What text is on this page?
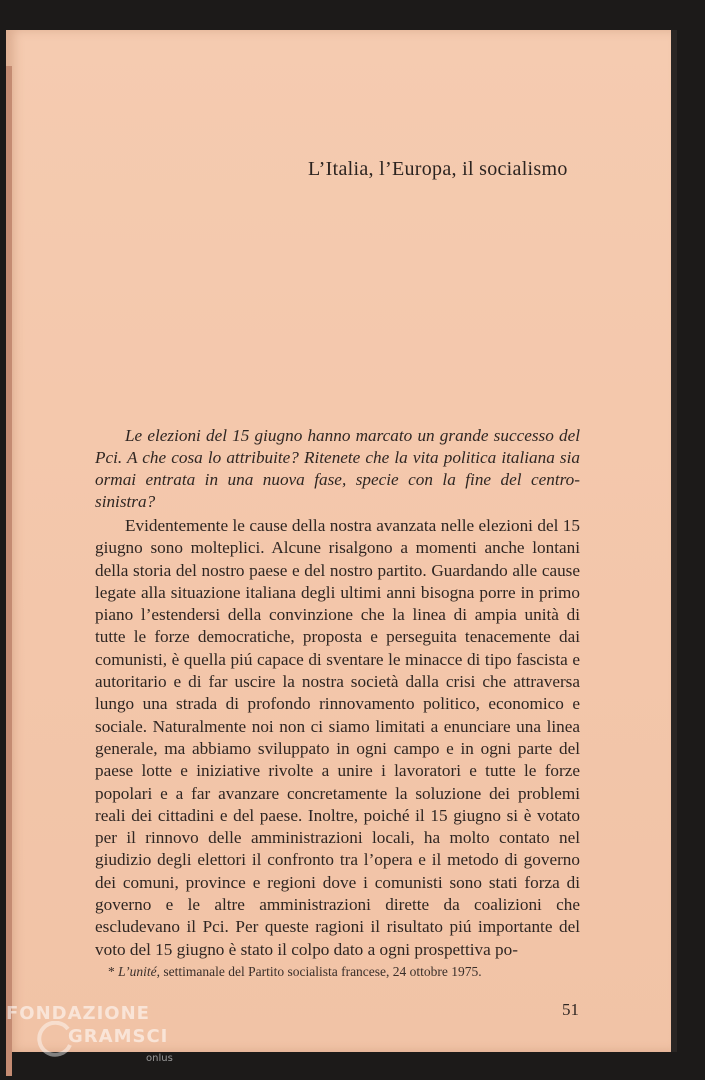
L’Italia, l’Europa, il socialismo

Le elezioni del 15 giugno hanno marcato un grande successo del Pci. A che cosa lo attribuite? Ritenete che la vita politica italiana sia ormai entrata in una nuova fase, specie con la fine del centro-sinistra?

Evidentemente le cause della nostra avanzata nelle elezioni del 15 giugno sono molteplici. Alcune risalgono a momenti anche lontani della storia del nostro paese e del nostro partito. Guardando alle cause legate alla situazione italiana degli ultimi anni bisogna porre in primo piano l’estendersi della convinzione che la linea di ampia unità di tutte le forze democratiche, proposta e perseguita tenacemente dai comunisti, è quella piú capace di sventare le minacce di tipo fascista e autoritario e di far uscire la nostra società dalla crisi che attraversa lungo una strada di profondo rinnovamento politico, economico e sociale. Naturalmente noi non ci siamo limitati a enunciare una linea generale, ma abbiamo sviluppato in ogni campo e in ogni parte del paese lotte e iniziative rivolte a unire i lavoratori e tutte le forze popolari e a far avanzare concretamente la soluzione dei problemi reali dei cittadini e del paese. Inoltre, poiché il 15 giugno si è votato per il rinnovo delle amministrazioni locali, ha molto contato nel giudizio degli elettori il confronto tra l’opera e il metodo di governo dei comuni, province e regioni dove i comunisti sono stati forza di governo e le altre amministrazioni dirette da coalizioni che escludevano il Pci. Per queste ragioni il risultato piú importante del voto del 15 giugno è stato il colpo dato a ogni prospettiva po-

* L’unité, settimanale del Partito socialista francese, 24 ottobre 1975.

51
FONDAZIONE
GRAMSCI
onlus
